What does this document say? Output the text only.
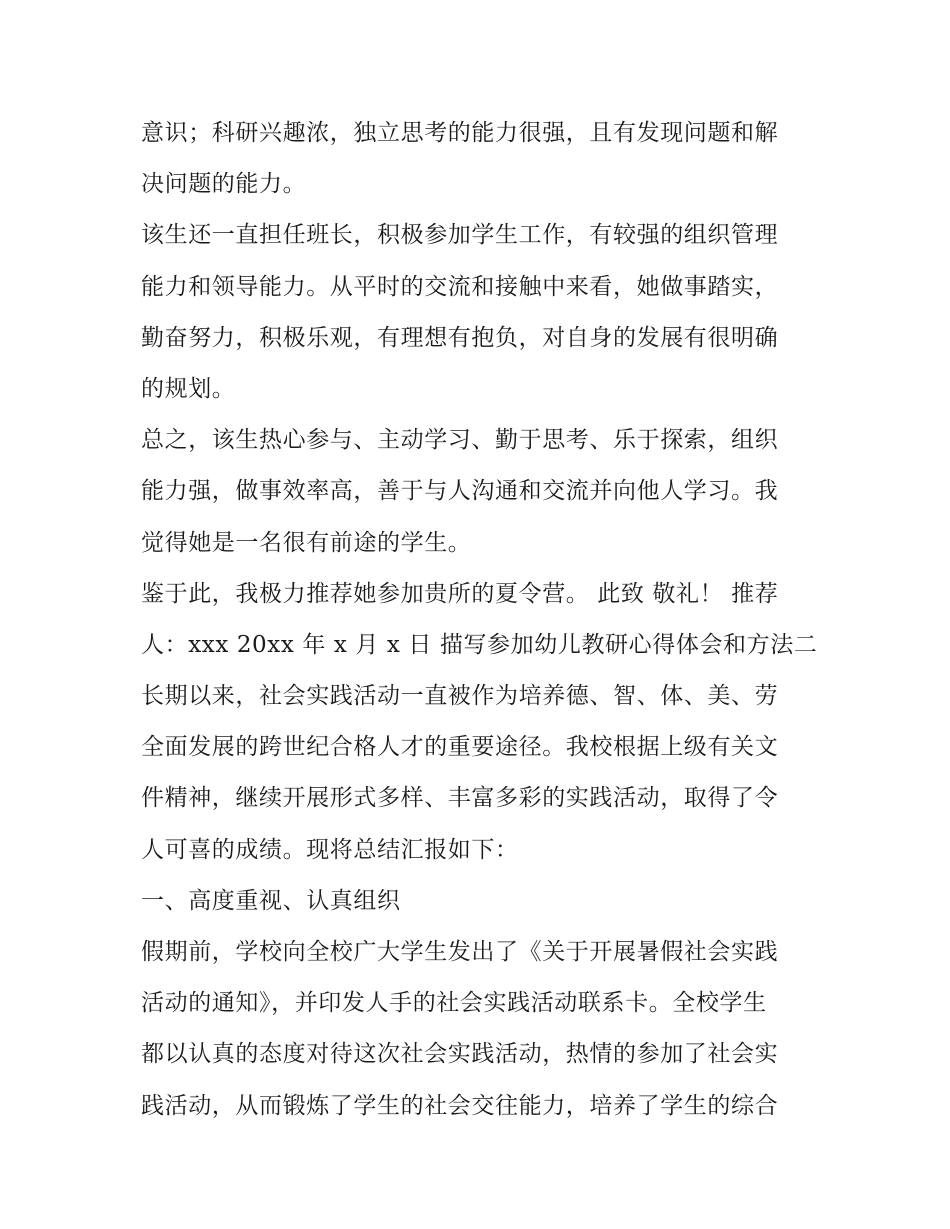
意识；科研兴趣浓，独立思考的能力很强，且有发现问题和解
决问题的能力。
该生还一直担任班长，积极参加学生工作，有较强的组织管理
能力和领导能力。从平时的交流和接触中来看，她做事踏实，
勤奋努力，积极乐观，有理想有抱负，对自身的发展有很明确
的规划。
总之，该生热心参与、主动学习、勤于思考、乐于探索，组织
能力强，做事效率高，善于与人沟通和交流并向他人学习。我
觉得她是一名很有前途的学生。
鉴于此，我极力推荐她参加贵所的夏令营。 此致 敬礼！ 推荐
人：xxx 20xx 年 x 月 x 日 描写参加幼儿教研心得体会和方法二
长期以来，社会实践活动一直被作为培养德、智、体、美、劳
全面发展的跨世纪合格人才的重要途径。我校根据上级有关文
件精神，继续开展形式多样、丰富多彩的实践活动，取得了令
人可喜的成绩。现将总结汇报如下：
一、高度重视、认真组织
假期前，学校向全校广大学生发出了《关于开展暑假社会实践
活动的通知》，并印发人手的社会实践活动联系卡。全校学生
都以认真的态度对待这次社会实践活动，热情的参加了社会实
践活动，从而锻炼了学生的社会交往能力，培养了学生的综合
